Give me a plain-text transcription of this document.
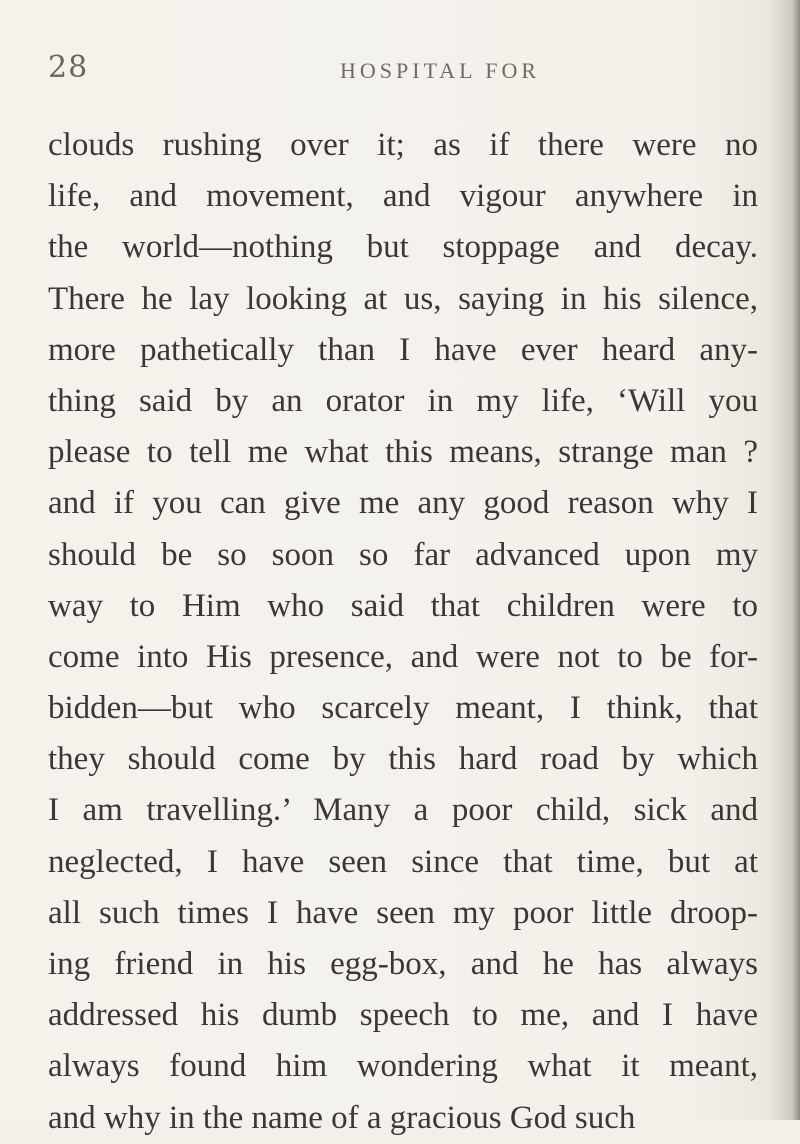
28	HOSPITAL FOR
clouds rushing over it; as if there were no
life, and movement, and vigour anywhere in
the world—nothing but stoppage and decay.
There he lay looking at us, saying in his silence,
more pathetically than I have ever heard any-
thing said by an orator in my life, ‘Will you
please to tell me what this means, strange man ?
and if you can give me any good reason why I
should be so soon so far advanced upon my
way to Him who said that children were to
come into His presence, and were not to be for-
bidden—but who scarcely meant, I think, that
they should come by this hard road by which
I am travelling.’ Many a poor child, sick and
neglected, I have seen since that time, but at
all such times I have seen my poor little droop-
ing friend in his egg-box, and he has always
addressed his dumb speech to me, and I have
always found him wondering what it meant,
and why in the name of a gracious God such
